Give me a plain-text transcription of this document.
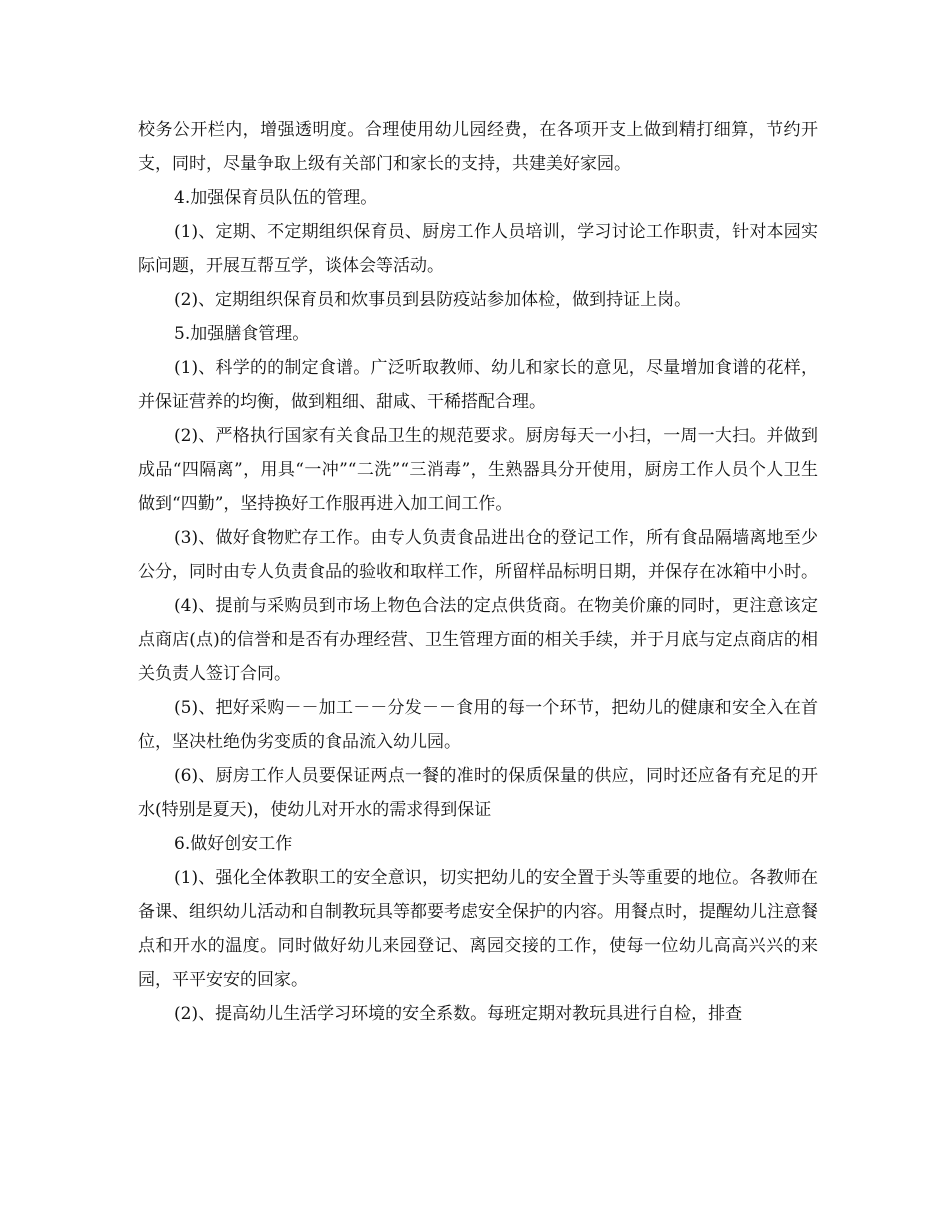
校务公开栏内，增强透明度。合理使用幼儿园经费，在各项开支上做到精打细算，节约开支，同时，尽量争取上级有关部门和家长的支持，共建美好家园。

4.加强保育员队伍的管理。

(1)、定期、不定期组织保育员、厨房工作人员培训，学习讨论工作职责，针对本园实际问题，开展互帮互学，谈体会等活动。

(2)、定期组织保育员和炊事员到县防疫站参加体检，做到持证上岗。

5.加强膳食管理。

(1)、科学的的制定食谱。广泛听取教师、幼儿和家长的意见，尽量增加食谱的花样，并保证营养的均衡，做到粗细、甜咸、干稀搭配合理。

(2)、严格执行国家有关食品卫生的规范要求。厨房每天一小扫，一周一大扫。并做到成品“四隔离”，用具“一冲”“二洗”“三消毒”，生熟器具分开使用，厨房工作人员个人卫生做到“四勤”，坚持换好工作服再进入加工间工作。

(3)、做好食物贮存工作。由专人负责食品进出仓的登记工作，所有食品隔墙离地至少公分，同时由专人负责食品的验收和取样工作，所留样品标明日期，并保存在冰箱中小时。

(4)、提前与采购员到市场上物色合法的定点供货商。在物美价廉的同时，更注意该定点商店(点)的信誉和是否有办理经营、卫生管理方面的相关手续，并于月底与定点商店的相关负责人签订合同。

(5)、把好采购－－加工－－分发－－食用的每一个环节，把幼儿的健康和安全入在首位，坚决杜绝伪劣变质的食品流入幼儿园。

(6)、厨房工作人员要保证两点一餐的准时的保质保量的供应，同时还应备有充足的开水(特别是夏天)，使幼儿对开水的需求得到保证

6.做好创安工作

(1)、强化全体教职工的安全意识，切实把幼儿的安全置于头等重要的地位。各教师在备课、组织幼儿活动和自制教玩具等都要考虑安全保护的内容。用餐点时，提醒幼儿注意餐点和开水的温度。同时做好幼儿来园登记、离园交接的工作，使每一位幼儿高高兴兴的来园，平平安安的回家。

(2)、提高幼儿生活学习环境的安全系数。每班定期对教玩具进行自检，排查
